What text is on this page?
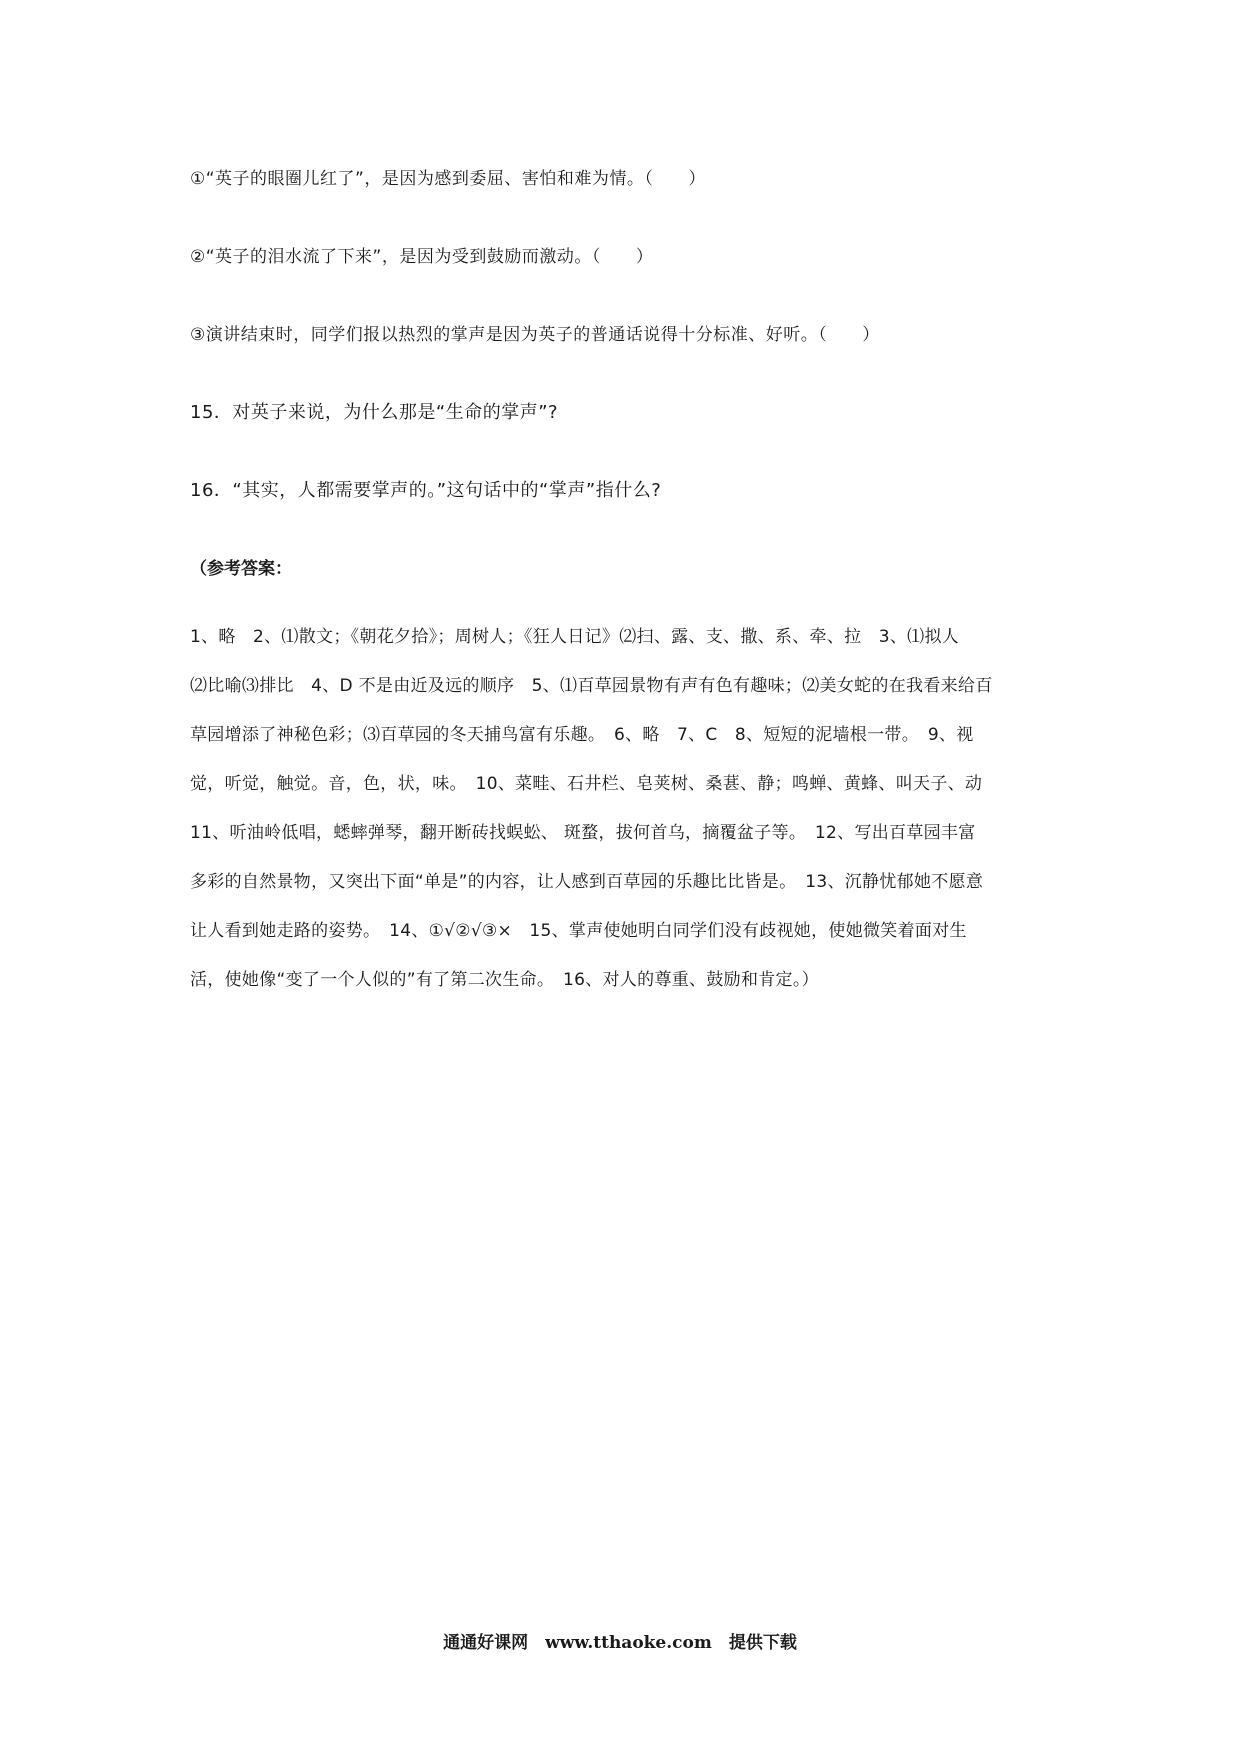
①“英子的眼圈儿红了”，是因为感到委屈、害怕和难为情。（　　）
②“英子的泪水流了下来”，是因为受到鼓励而激动。（　　）
③演讲结束时，同学们报以热烈的掌声是因为英子的普通话说得十分标准、好听。（　　）
15．对英子来说，为什么那是“生命的掌声”?
16．“其实，人都需要掌声的。”这句话中的“掌声”指什么?
（参考答案：
1、略　2、⑴散文；《朝花夕拾》；周树人；《狂人日记》⑵扫、露、支、撒、系、牵、拉　3、⑴拟人
⑵比喻⑶排比　4、D 不是由近及远的顺序　5、⑴百草园景物有声有色有趣味；⑵美女蛇的在我看来给百
草园增添了神秘色彩；⑶百草园的冬天捕鸟富有乐趣。　6、略　7、C　8、短短的泥墙根一带。　9、视
觉，听觉，触觉。音，色，状，味。　10、菜畦、石井栏、皂荚树、桑葚、静；鸣蝉、黄蜂、叫天子、动
11、听油岭低唱，蟋蟀弹琴，翻开断砖找蜈蚣、 斑蝥，拔何首乌，摘覆盆子等。　12、写出百草园丰富
多彩的自然景物，又突出下面“单是”的内容，让人感到百草园的乐趣比比皆是。　13、沉静忧郁她不愿意
让人看到她走路的姿势。　14、①√②√③×　15、掌声使她明白同学们没有歧视她，使她微笑着面对生
活，使她像“变了一个人似的”有了第二次生命。　16、对人的尊重、鼓励和肯定。）
通通好课网　www.tthaoke.com　提供下载
